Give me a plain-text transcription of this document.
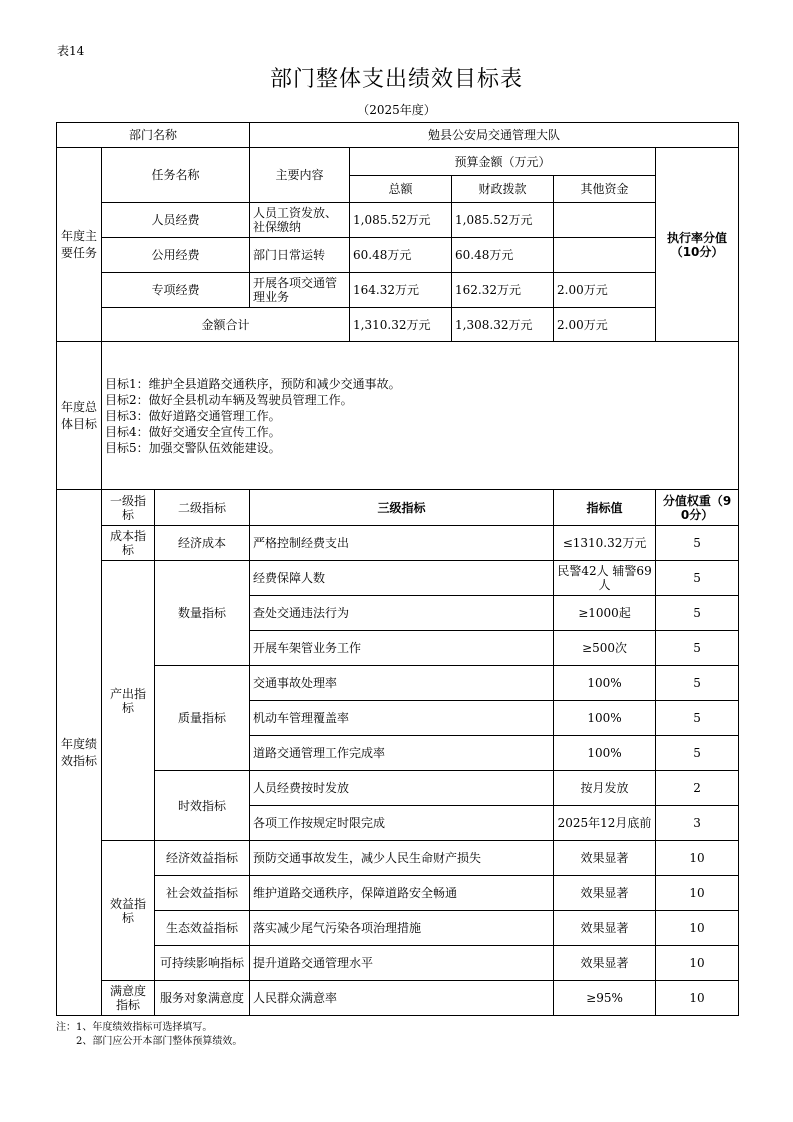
表14
部门整体支出绩效目标表
（2025年度）
部门名称			勉县公安局交通管理大队				
年度主要任务	任务名称		主要内容	预算金额（万元）			执行率分值（10分）
				总额	财政拨款	其他资金	
	人员经费		人员工资发放、社保缴纳	1,085.52万元	1,085.52万元		
	公用经费		部门日常运转	60.48万元	60.48万元		
	专项经费		开展各项交通管理业务	164.32万元	162.32万元	2.00万元	
	金额合计			1,310.32万元	1,308.32万元	2.00万元	
年度总体目标	目标1：维护全县道路交通秩序，预防和减少交通事故。
目标2：做好全县机动车辆及驾驶员管理工作。
目标3：做好道路交通管理工作。
目标4：做好交通安全宣传工作。
目标5：加强交警队伍效能建设。						

年度绩效指标	一级指标	二级指标	三级指标			指标值	分值权重（90分）
	成本指标	经济成本	严格控制经费支出			≤1310.32万元	5
	产出指标	数量指标	经费保障人数			民警42人 辅警69人	5
			查处交通违法行为			≥1000起	5
			开展车架管业务工作			≥500次	5
		质量指标	交通事故处理率			100%	5
			机动车管理覆盖率			100%	5
			道路交通管理工作完成率			100%	5
		时效指标	人员经费按时发放			按月发放	2
			各项工作按规定时限完成			2025年12月底前	3
	效益指标	经济效益指标	预防交通事故发生，减少人民生命财产损失			效果显著	10
		社会效益指标	维护道路交通秩序，保障道路安全畅通			效果显著	10
		生态效益指标	落实减少尾气污染各项治理措施			效果显著	10
		可持续影响指标	提升道路交通管理水平			效果显著	10
	满意度指标	服务对象满意度	人民群众满意率			≥95%	10
注：1、年度绩效指标可选择填写。
2、部门应公开本部门整体预算绩效。
